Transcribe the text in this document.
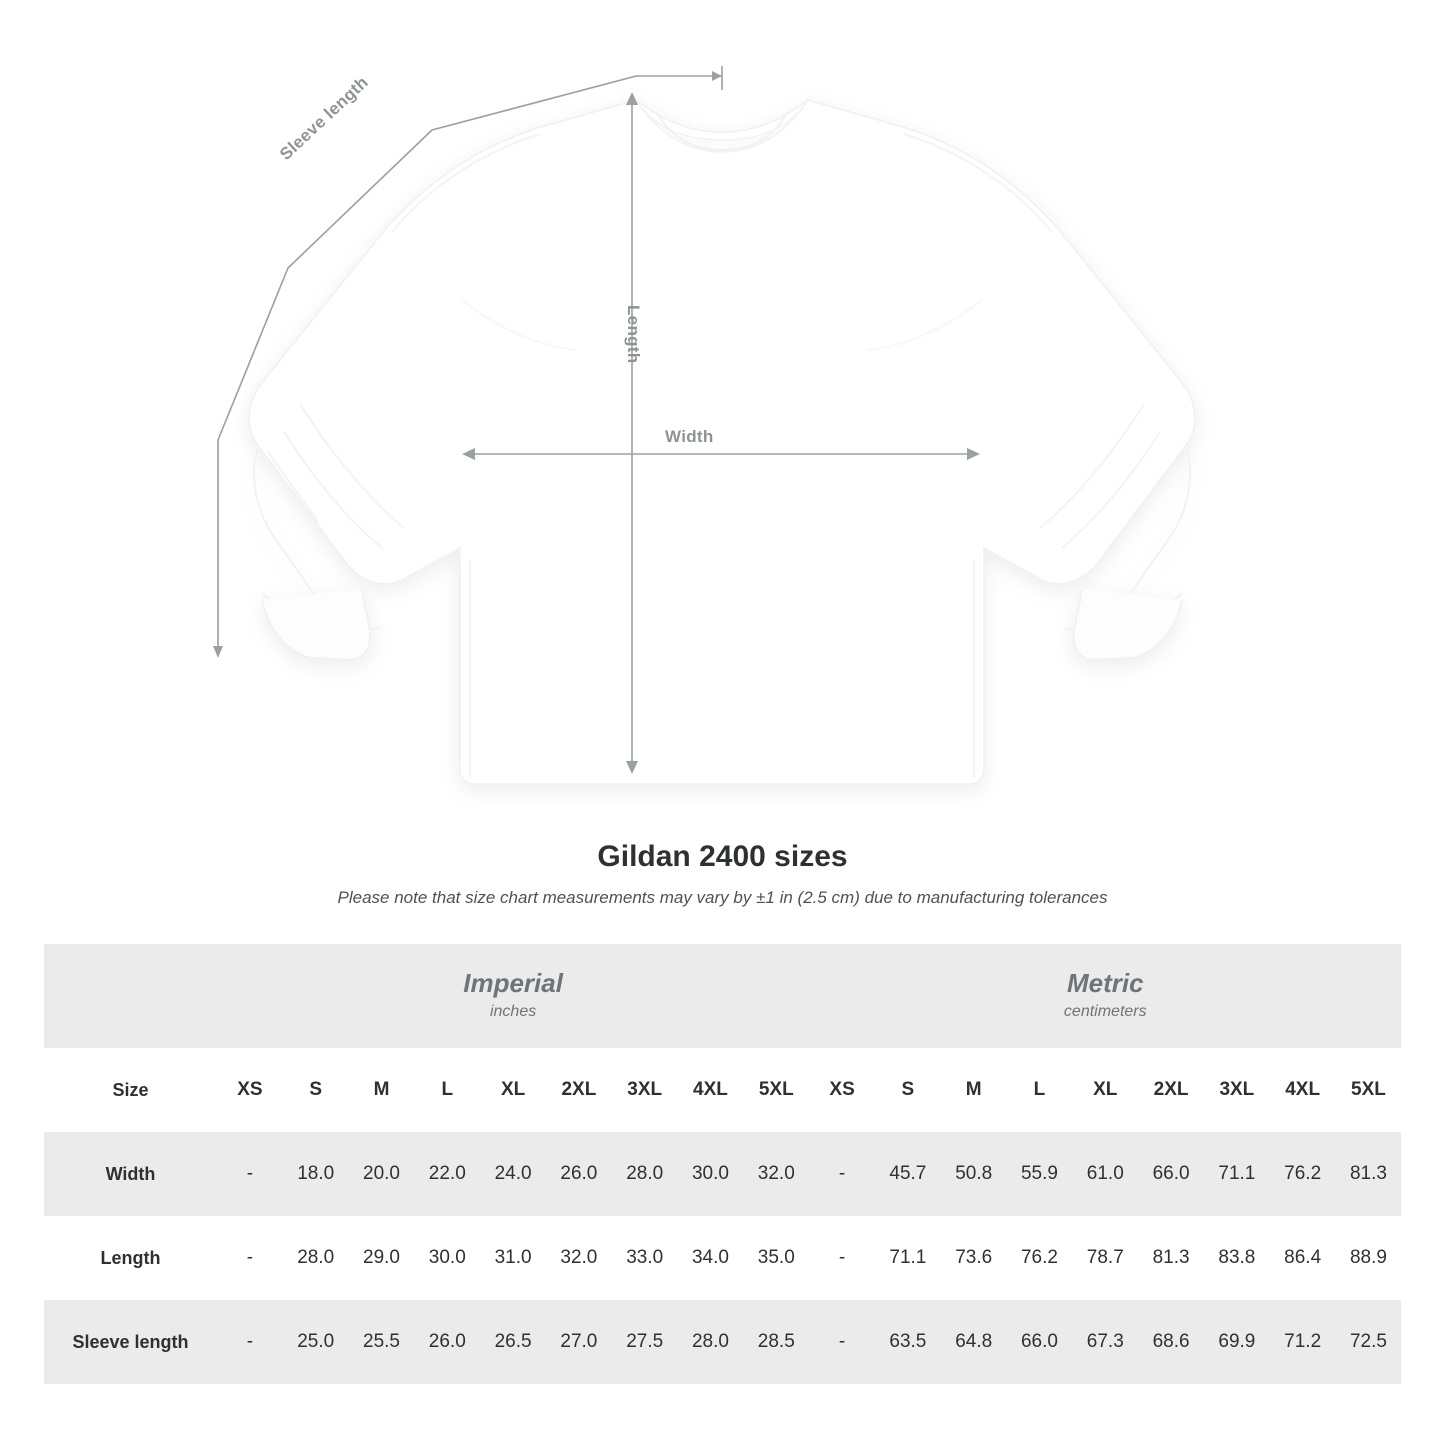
Sleeve length
Length
Width
Gildan 2400 sizes
Please note that size chart measurements may vary by ±1 in (2.5 cm) due to manufacturing tolerances

Imperial
inches

Metric
centimeters

Size	XS	S	M	L	XL	2XL	3XL	4XL	5XL	XS	S	M	L	XL	2XL	3XL	4XL	5XL
Width	-	18.0	20.0	22.0	24.0	26.0	28.0	30.0	32.0	-	45.7	50.8	55.9	61.0	66.0	71.1	76.2	81.3
Length	-	28.0	29.0	30.0	31.0	32.0	33.0	34.0	35.0	-	71.1	73.6	76.2	78.7	81.3	83.8	86.4	88.9
Sleeve length	-	25.0	25.5	26.0	26.5	27.0	27.5	28.0	28.5	-	63.5	64.8	66.0	67.3	68.6	69.9	71.2	72.5
